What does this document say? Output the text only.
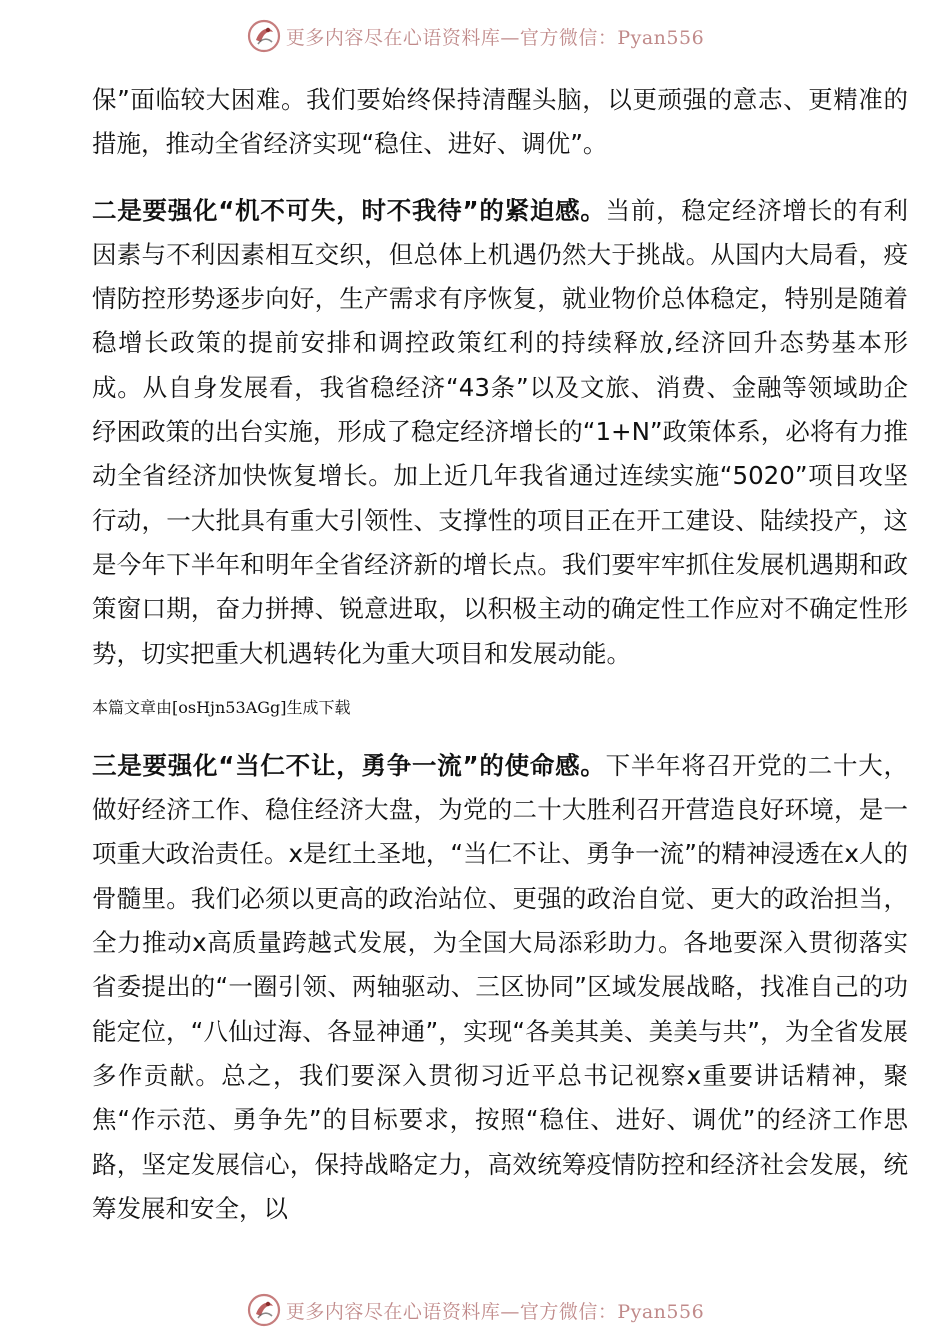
更多内容尽在心语资料库—官方微信：Pyan556

保”面临较大困难。我们要始终保持清醒头脑，以更顽强的意志、更精准的措施，推动全省经济实现“稳住、进好、调优”。

二是要强化“机不可失，时不我待”的紧迫感。当前，稳定经济增长的有利因素与不利因素相互交织，但总体上机遇仍然大于挑战。从国内大局看，疫情防控形势逐步向好，生产需求有序恢复，就业物价总体稳定，特别是随着稳增长政策的提前安排和调控政策红利的持续释放,经济回升态势基本形成。从自身发展看，我省稳经济“43条”以及文旅、消费、金融等领域助企纾困政策的出台实施，形成了稳定经济增长的“1+N”政策体系，必将有力推动全省经济加快恢复增长。加上近几年我省通过连续实施“5020”项目攻坚行动，一大批具有重大引领性、支撑性的项目正在开工建设、陆续投产，这是今年下半年和明年全省经济新的增长点。我们要牢牢抓住发展机遇期和政策窗口期，奋力拼搏、锐意进取，以积极主动的确定性工作应对不确定性形势，切实把重大机遇转化为重大项目和发展动能。

本篇文章由[osHjn53AGg]生成下载

三是要强化“当仁不让，勇争一流”的使命感。下半年将召开党的二十大，做好经济工作、稳住经济大盘，为党的二十大胜利召开营造良好环境，是一项重大政治责任。x是红土圣地，“当仁不让、勇争一流”的精神浸透在x人的骨髓里。我们必须以更高的政治站位、更强的政治自觉、更大的政治担当，全力推动x高质量跨越式发展，为全国大局添彩助力。各地要深入贯彻落实省委提出的“一圈引领、两轴驱动、三区协同”区域发展战略，找准自己的功能定位，“八仙过海、各显神通”，实现“各美其美、美美与共”，为全省发展多作贡献。总之，我们要深入贯彻习近平总书记视察x重要讲话精神，聚焦“作示范、勇争先”的目标要求，按照“稳住、进好、调优”的经济工作思路，坚定发展信心，保持战略定力，高效统筹疫情防控和经济社会发展，统筹发展和安全，以

更多内容尽在心语资料库—官方微信：Pyan556
